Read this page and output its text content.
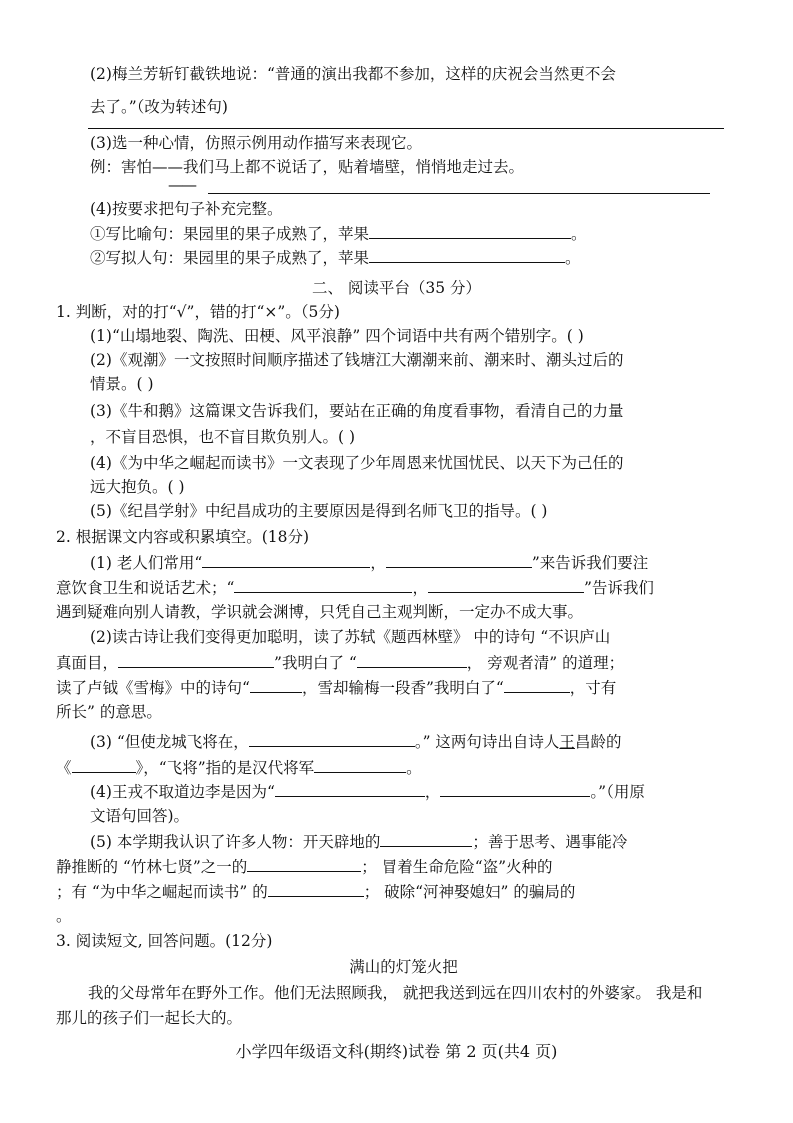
(2)梅兰芳斩钉截铁地说：“普通的演出我都不参加，这样的庆祝会当然更不会
去了。”（改为转述句)
(3)选一种心情，仿照示例用动作描写来表现它。
例：害怕——我们马上都不说话了，贴着墙壁，悄悄地走过去。
——
(4)按要求把句子补充完整。
①写比喻句：果园里的果子成熟了，苹果	。
②写拟人句：果园里的果子成熟了，苹果	。
二、 阅读平台（35 分）
1. 判断，对的打“√”，错的打“×”。（5分)
(1)“山塌地裂、陶洗、田梗、风平浪静” 四个词语中共有两个错别字。( )
(2)《观潮》一文按照时间顺序描述了钱塘江大潮潮来前、潮来时、潮头过后的
情景。( )
(3)《牛和鹅》这篇课文告诉我们，要站在正确的角度看事物，看清自己的力量
，不盲目恐惧，也不盲目欺负别人。( )
(4)《为中华之崛起而读书》一文表现了少年周恩来忧国忧民、以天下为己任的
远大抱负。( )
(5)《纪昌学射》中纪昌成功的主要原因是得到名师飞卫的指导。( )
2. 根据课文内容或积累填空。(18分)
(1) 老人们常用“	，	”来告诉我们要注
意饮食卫生和说话艺术；“	，	”告诉我们
遇到疑难向别人请教，学识就会渊博，只凭自己主观判断，一定办不成大事。
(2)读古诗让我们变得更加聪明，读了苏轼《题西林壁》 中的诗句 “不识庐山
真面目，	”我明白了 “	， 旁观者清” 的道理；
读了卢钺《雪梅》中的诗句“	，雪却输梅一段香”我明白了“	，寸有
所长” 的意思。
(3) “但使龙城飞将在，	。” 这两句诗出自诗人王昌龄的
《	》，“飞将”指的是汉代将军	。
(4)王戎不取道边李是因为“	，	。”（用原
文语句回答)。
(5) 本学期我认识了许多人物：开天辟地的	；善于思考、遇事能冷
静推断的 “竹林七贤”之一的	； 冒着生命危险“盗”火种的
；有 “为中华之崛起而读书” 的	； 破除“河神娶媳妇” 的骗局的
。
3. 阅读短文, 回答问题。(12分)
满山的灯笼火把
我的父母常年在野外工作。他们无法照顾我， 就把我送到远在四川农村的外婆家。 我是和
那儿的孩子们一起长大的。
小学四年级语文科(期终)试卷 第 2 页(共4 页)
